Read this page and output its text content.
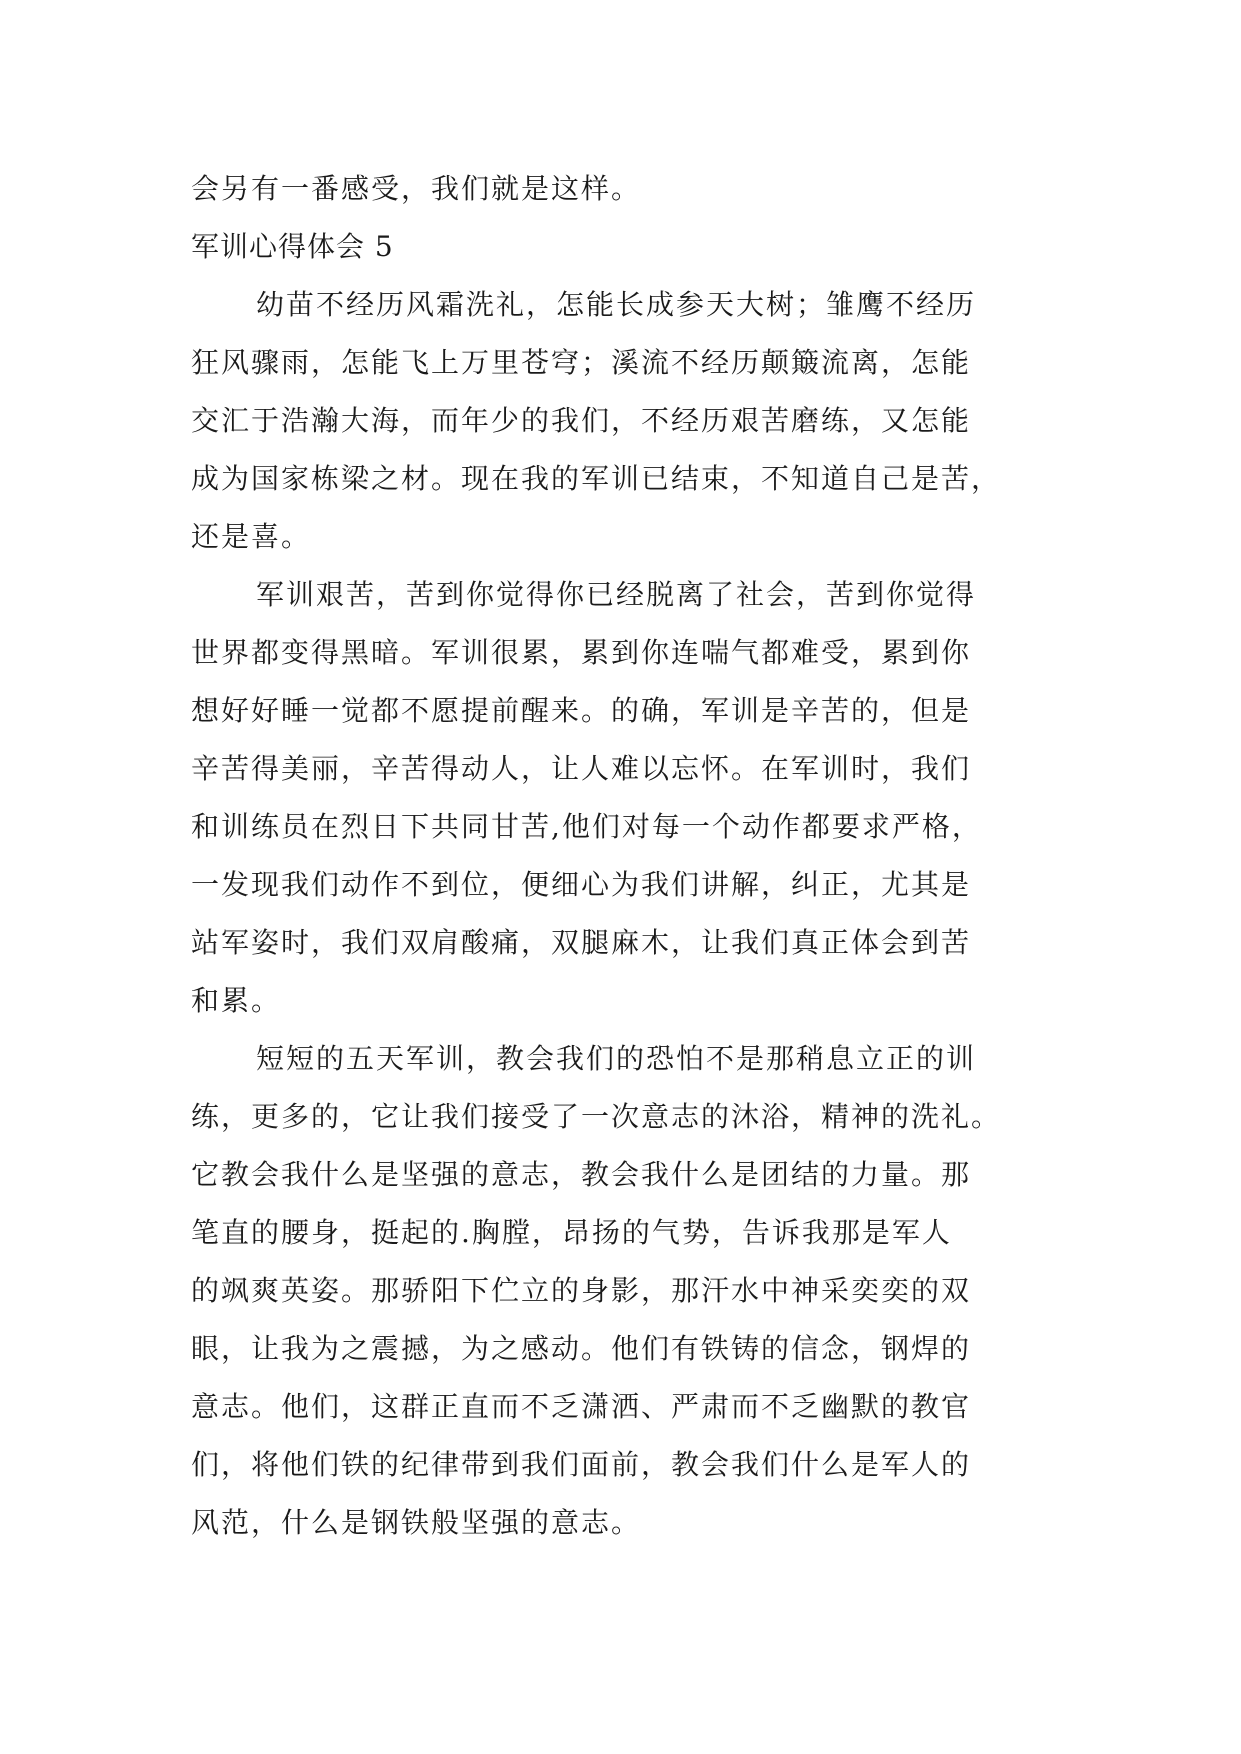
会另有一番感受，我们就是这样。
军训心得体会 5
幼苗不经历风霜洗礼，怎能长成参天大树；雏鹰不经历
狂风骤雨，怎能飞上万里苍穹；溪流不经历颠簸流离，怎能
交汇于浩瀚大海，而年少的我们，不经历艰苦磨练，又怎能
成为国家栋梁之材。现在我的军训已结束，不知道自己是苦，
还是喜。
军训艰苦，苦到你觉得你已经脱离了社会，苦到你觉得
世界都变得黑暗。军训很累，累到你连喘气都难受，累到你
想好好睡一觉都不愿提前醒来。的确，军训是辛苦的，但是
辛苦得美丽，辛苦得动人，让人难以忘怀。在军训时，我们
和训练员在烈日下共同甘苦,他们对每一个动作都要求严格，
一发现我们动作不到位，便细心为我们讲解，纠正，尤其是
站军姿时，我们双肩酸痛，双腿麻木，让我们真正体会到苦
和累。
短短的五天军训，教会我们的恐怕不是那稍息立正的训
练，更多的，它让我们接受了一次意志的沐浴，精神的洗礼。
它教会我什么是坚强的意志，教会我什么是团结的力量。那
笔直的腰身，挺起的.胸膛，昂扬的气势，告诉我那是军人
的飒爽英姿。那骄阳下伫立的身影，那汗水中神采奕奕的双
眼，让我为之震撼，为之感动。他们有铁铸的信念，钢焊的
意志。他们，这群正直而不乏潇洒、严肃而不乏幽默的教官
们，将他们铁的纪律带到我们面前，教会我们什么是军人的
风范，什么是钢铁般坚强的意志。
